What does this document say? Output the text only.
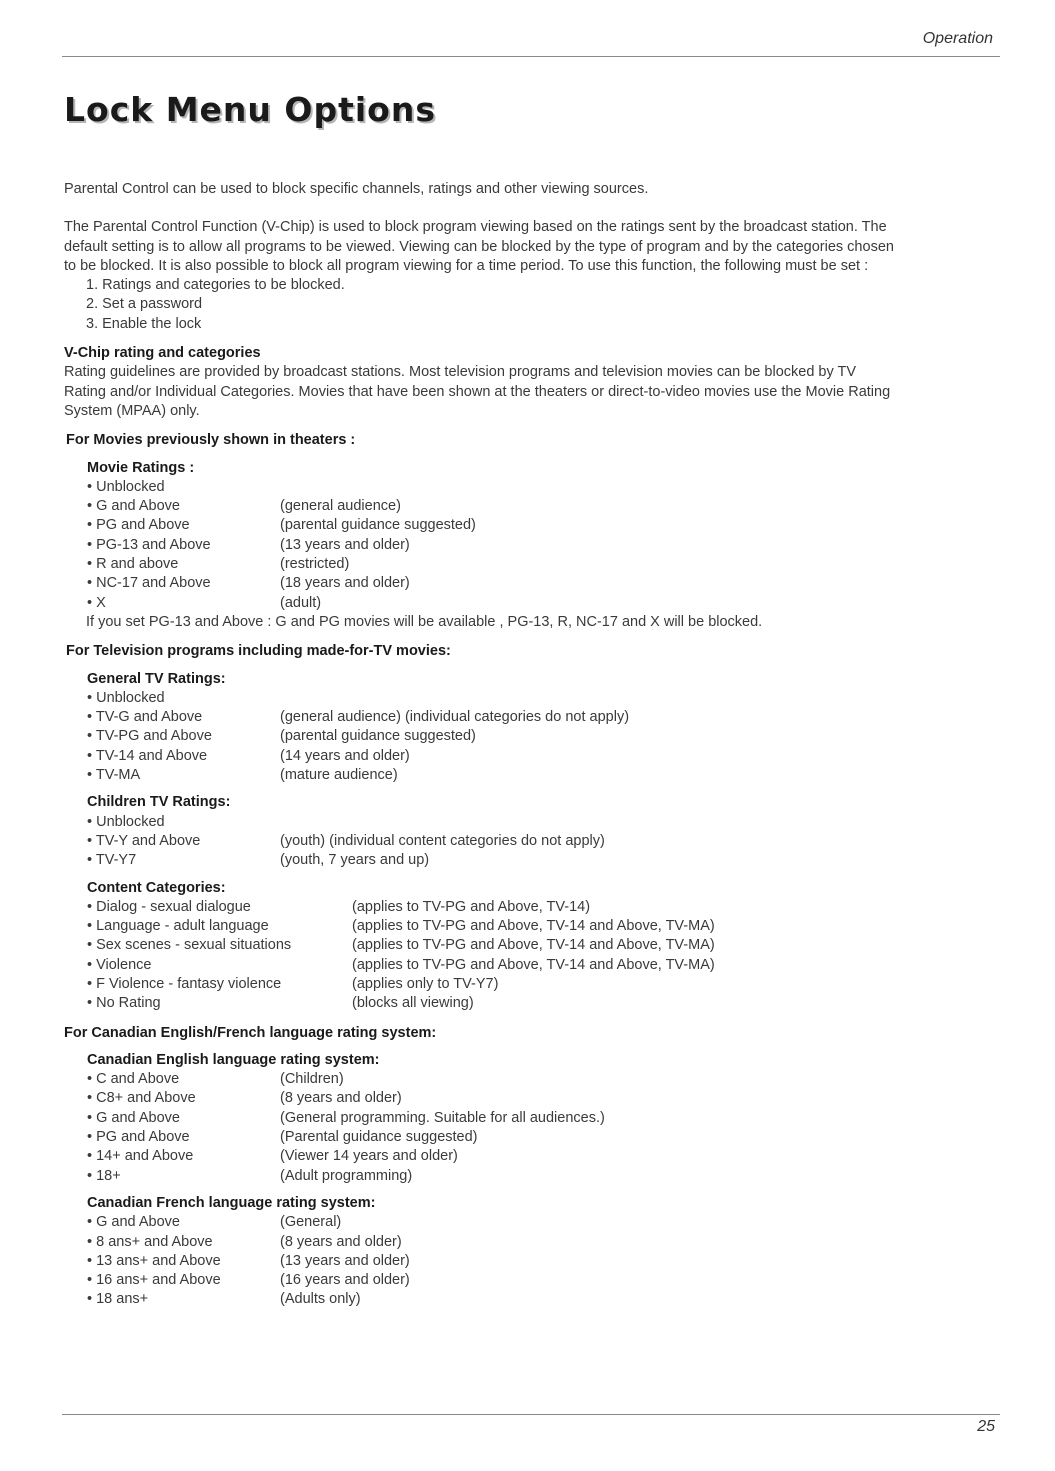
Operation
Lock Menu Options

Parental Control can be used to block specific channels, ratings and other viewing sources.

The Parental Control Function (V-Chip) is used to block program viewing based on the ratings sent by the broadcast station. The

default setting is to allow all programs to be viewed. Viewing can be blocked by the type of program and by the categories chosen

to be blocked. It is also possible to block all program viewing for a time period. To use this function, the following must be set :

1. Ratings and categories to be blocked.

2. Set a password

3. Enable the lock

V-Chip rating and categories

Rating guidelines are provided by broadcast stations. Most television programs and television movies can be blocked by TV

Rating and/or Individual Categories. Movies that have been shown at the theaters or direct-to-video movies use the Movie Rating

System (MPAA) only.

For Movies previously shown in theaters :

Movie Ratings :

• Unblocked
• G and Above	(general audience)
• PG and Above	(parental guidance suggested)
• PG-13 and Above	(13 years and older)
• R and above	(restricted)
• NC-17 and Above	(18 years and older)
• X	(adult)

If you set PG-13 and Above : G and PG movies will be available , PG-13, R, NC-17 and X will be blocked.

For Television programs including made-for-TV movies:

General TV Ratings:

• Unblocked
• TV-G and Above	(general audience) (individual categories do not apply)
• TV-PG and Above	(parental guidance suggested)
• TV-14 and Above	(14 years and older)
• TV-MA	(mature audience)

Children TV Ratings:

• Unblocked
• TV-Y and Above	(youth) (individual content categories do not apply)
• TV-Y7	(youth, 7 years and up)

Content Categories:

• Dialog - sexual dialogue	(applies to TV-PG and Above, TV-14)
• Language - adult language	(applies to TV-PG and Above, TV-14 and Above, TV-MA)
• Sex scenes - sexual situations	(applies to TV-PG and Above, TV-14 and Above, TV-MA)
• Violence	(applies to TV-PG and Above, TV-14 and Above, TV-MA)
• F Violence - fantasy violence	(applies only to TV-Y7)
• No Rating	(blocks all viewing)

For Canadian English/French language rating system:

Canadian English language rating system:

• C and Above	(Children)
• C8+ and Above	(8 years and older)
• G and Above	(General programming. Suitable for all audiences.)
• PG and Above	(Parental guidance suggested)
• 14+ and Above	(Viewer 14 years and older)
• 18+	(Adult programming)

Canadian French language rating system:

• G and Above	(General)
• 8 ans+ and Above	(8 years and older)
• 13 ans+ and Above	(13 years and older)
• 16 ans+ and Above	(16 years and older)
• 18 ans+	(Adults only)
25
